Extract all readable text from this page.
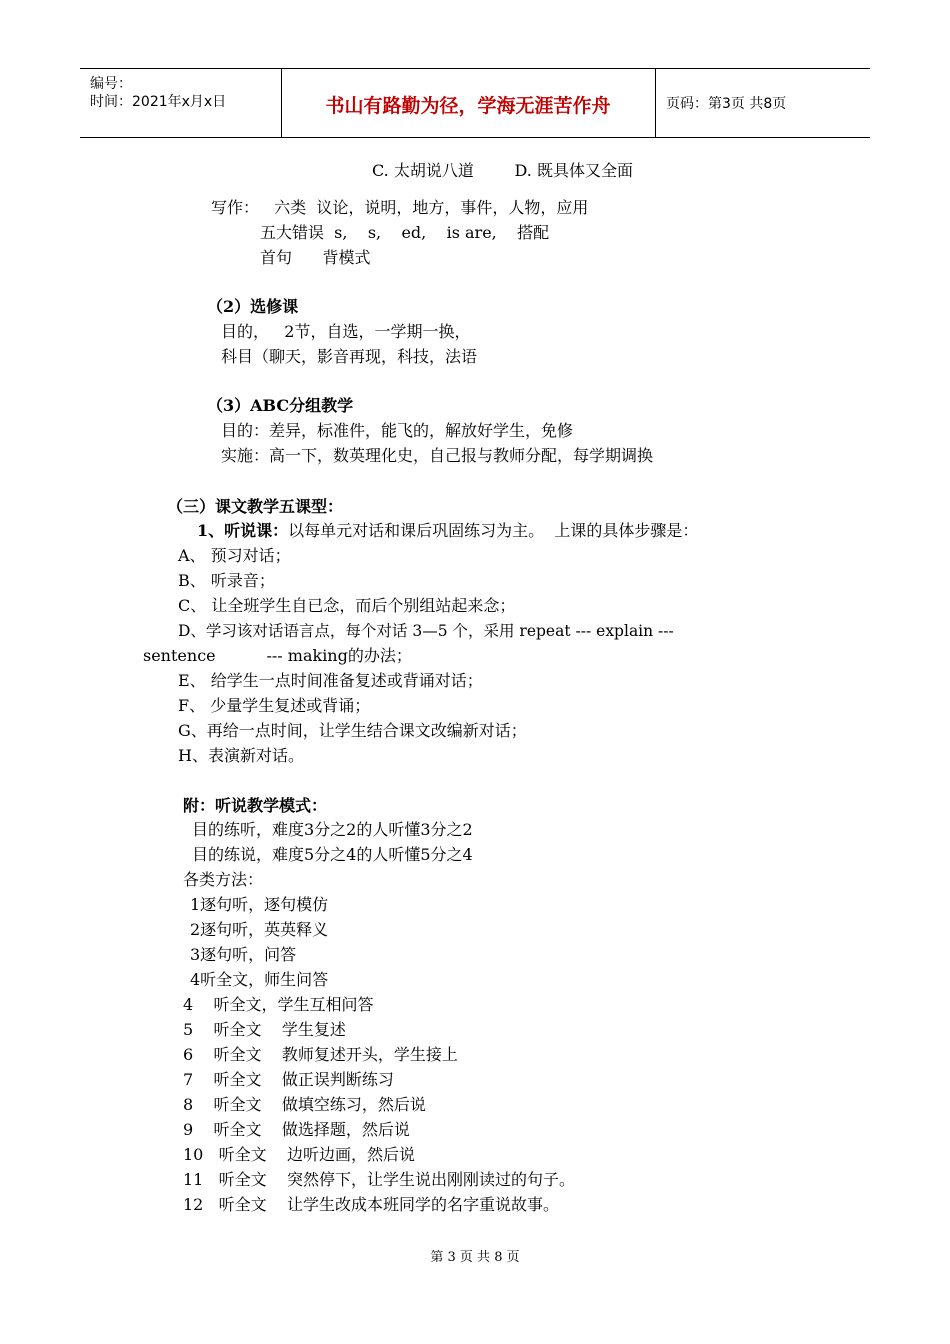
编号：
时间：2021年x月x日	书山有路勤为径，学海无涯苦作舟	页码：第3页 共8页
C. 太胡说八道        D. 既具体又全面
写作：   六类  议论，说明，地方，事件，人物，应用
五大错误  s,    s,    ed,    is are,    搭配
首句      背模式
（2）选修课
目的，   2节，自选，一学期一换，
科目（聊天，影音再现，科技，法语
（3）ABC分组教学
目的：差异，标准件，能飞的，解放好学生，免修
实施：高一下，数英理化史，自己报与教师分配，每学期调换
（三）课文教学五课型：
1、听说课：以每单元对话和课后巩固练习为主。  上课的具体步骤是：
A、 预习对话；
B、 听录音；
C、 让全班学生自已念，而后个别组站起来念；
D、学习该对话语言点，每个对话 3—5 个，采用 repeat --- explain ---
sentence          --- making的办法；
E、 给学生一点时间准备复述或背诵对话；
F、 少量学生复述或背诵；
G、再给一点时间，让学生结合课文改编新对话；
H、表演新对话。
附：听说教学模式：
目的练听，难度3分之2的人听懂3分之2
目的练说，难度5分之4的人听懂5分之4
各类方法：
1逐句听，逐句模仿
2逐句听，英英释义
3逐句听，问答
4听全文，师生问答
4    听全文，学生互相问答
5    听全文    学生复述
6    听全文    教师复述开头，学生接上
7    听全文    做正误判断练习
8    听全文    做填空练习，然后说
9    听全文    做选择题，然后说
10   听全文    边听边画，然后说
11   听全文    突然停下，让学生说出刚刚读过的句子。
12   听全文    让学生改成本班同学的名字重说故事。
第 3 页 共 8 页
